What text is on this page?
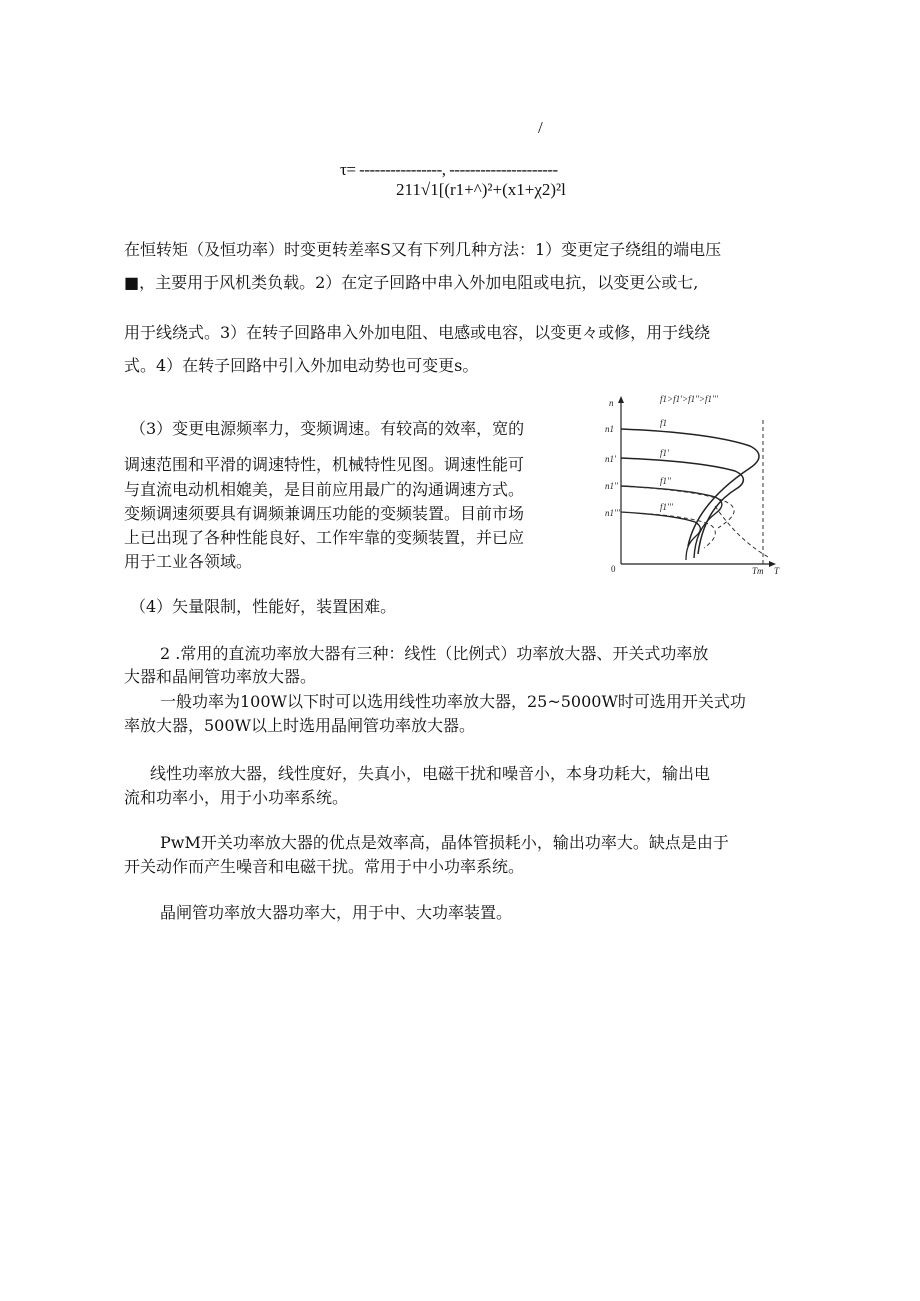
/
τ= ----------------, ---------------------
211√1[(r1+^)²+(x1+χ2)²l
在恒转矩（及恒功率）时变更转差率S又有下列几种方法：1）变更定子绕组的端电压
■，主要用于风机类负载。2）在定子回路中串入外加电阻或电抗，以变更公或七,
用于线绕式。3）在转子回路串入外加电阻、电感或电容，以变更々或修，用于线绕
式。4）在转子回路中引入外加电动势也可变更s。
（3）变更电源频率力，变频调速。有较高的效率，宽的
调速范围和平滑的调速特性，机械特性见图。调速性能可
与直流电动机相媲美，是目前应用最广的沟通调速方式。
变频调速须要具有调频兼调压功能的变频装置。目前市场
上已出现了各种性能良好、工作牢靠的变频装置，并已应
用于工业各领域。
n
T
0	Tm
f1>f1'>f1''>f1'''
n1
n1'
n1''
n1'''
f1
f1'
f1''
f1'''
（4）矢量限制，性能好，装置困难。
2 .常用的直流功率放大器有三种：线性（比例式）功率放大器、开关式功率放
大器和晶闸管功率放大器。
一般功率为100W以下时可以选用线性功率放大器，25~5000W时可选用开关式功
率放大器，500W以上时选用晶闸管功率放大器。
线性功率放大器，线性度好，失真小，电磁干扰和噪音小，本身功耗大，输出电
流和功率小，用于小功率系统。
PwM开关功率放大器的优点是效率高，晶体管损耗小，输出功率大。缺点是由于
开关动作而产生噪音和电磁干扰。常用于中小功率系统。
晶闸管功率放大器功率大，用于中、大功率装置。
